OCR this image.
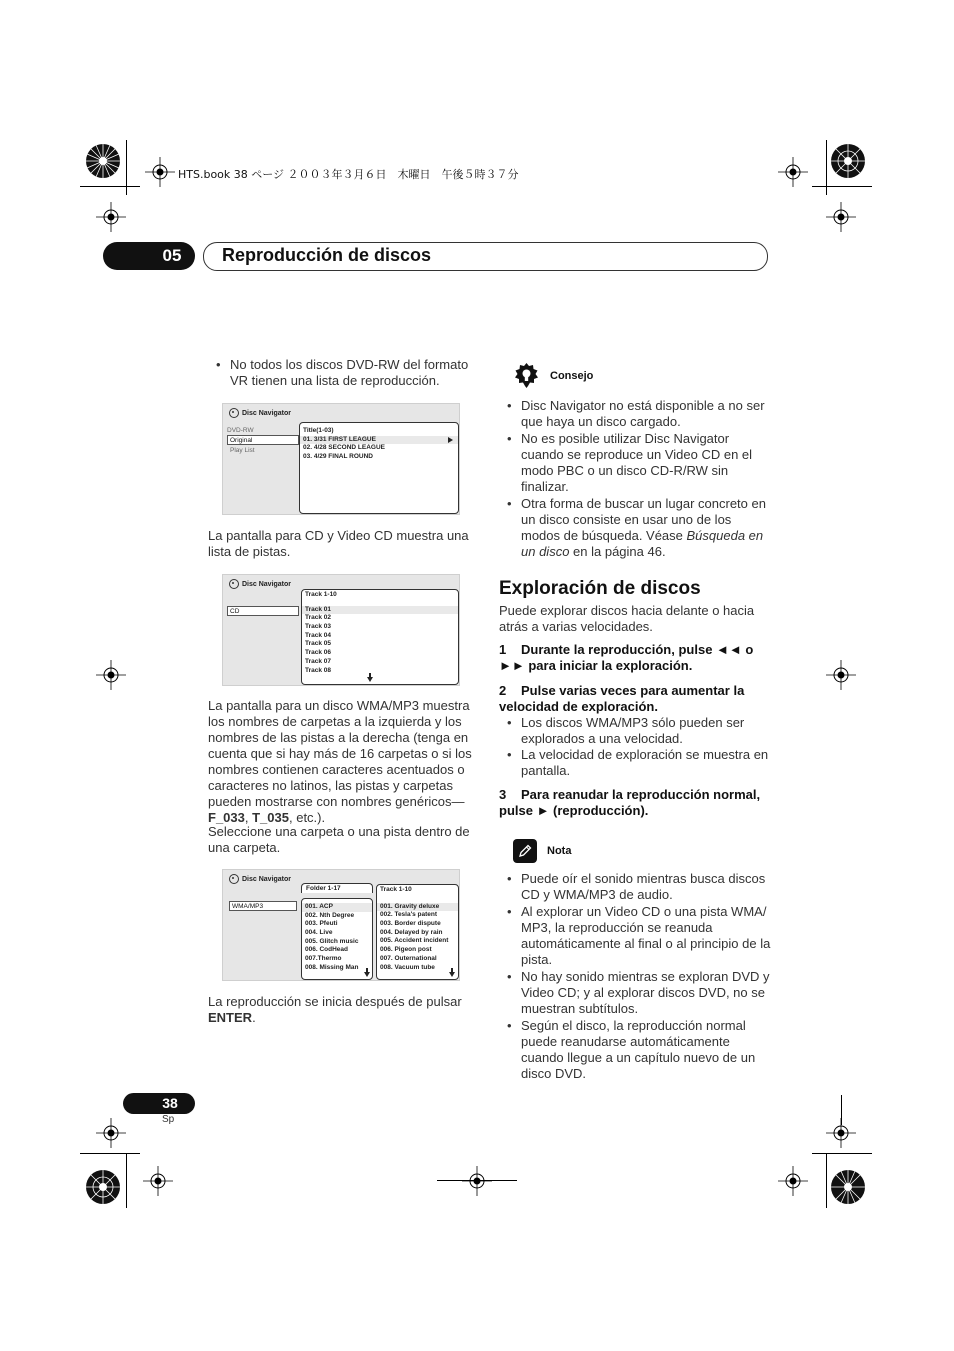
HTS.book 38 ページ ２００３年３月６日　木曜日　午後５時３７分
05	Reproducción de discos
• No todos los discos DVD-RW del formato VR tienen una lista de reproducción.
Disc Navigator
DVD-RW
Original
Play List
Title(1-03)
01. 3/31 FIRST LEAGUE
02. 4/28 SECOND LEAGUE
03. 4/29 FINAL ROUND

La pantalla para CD y Video CD muestra una lista de pistas.

Disc Navigator
CD
Track 1-10
Track 01
Track 02
Track 03
Track 04
Track 05
Track 06
Track 07
Track 08

La pantalla para un disco WMA/MP3 muestra los nombres de carpetas a la izquierda y los nombres de las pistas a la derecha (tenga en cuenta que si hay más de 16 carpetas o si los nombres contienen caracteres acentuados o caracteres no latinos, las pistas y carpetas pueden mostrarse con nombres genéricos—F_033, T_035, etc.).

Seleccione una carpeta o una pista dentro de una carpeta.

Disc Navigator
WMA/MP3
Folder 1-17
001. ACP
002. Nth Degree
003. Pfeuti
004. Live
005. Glitch music
006. CodHead
007.Thermo
008. Missing Man
Track 1-10
001. Gravity deluxe
002. Tesla's patent
003. Border dispute
004. Delayed by rain
005. Accident incident
006. Pigeon post
007. Outernational
008. Vacuum tube

La reproducción se inicia después de pulsar ENTER.

Consejo
• Disc Navigator no está disponible a no ser que haya un disco cargado.
• No es posible utilizar Disc Navigator cuando se reproduce un Video CD en el modo PBC o un disco CD-R/RW sin finalizar.
• Otra forma de buscar un lugar concreto en un disco consiste en usar uno de los modos de búsqueda. Véase Búsqueda en un disco en la página 46.
Exploración de discos

Puede explorar discos hacia delante o hacia atrás a varias velocidades.

1 Durante la reproducción, pulse ◄◄ o ►► para iniciar la exploración.
2 Pulse varias veces para aumentar la velocidad de exploración.
• Los discos WMA/MP3 sólo pueden ser explorados a una velocidad.
• La velocidad de exploración se muestra en pantalla.
3 Para reanudar la reproducción normal, pulse ► (reproducción).
Nota
• Puede oír el sonido mientras busca discos CD y WMA/MP3 de audio.
• Al explorar un Video CD o una pista WMA/ MP3, la reproducción se reanuda automáticamente al final o al principio de la pista.
• No hay sonido mientras se exploran DVD y Video CD; y al explorar discos DVD, no se muestran subtítulos.
• Según el disco, la reproducción normal puede reanudarse automáticamente cuando llegue a un capítulo nuevo de un disco DVD.
38
Sp
